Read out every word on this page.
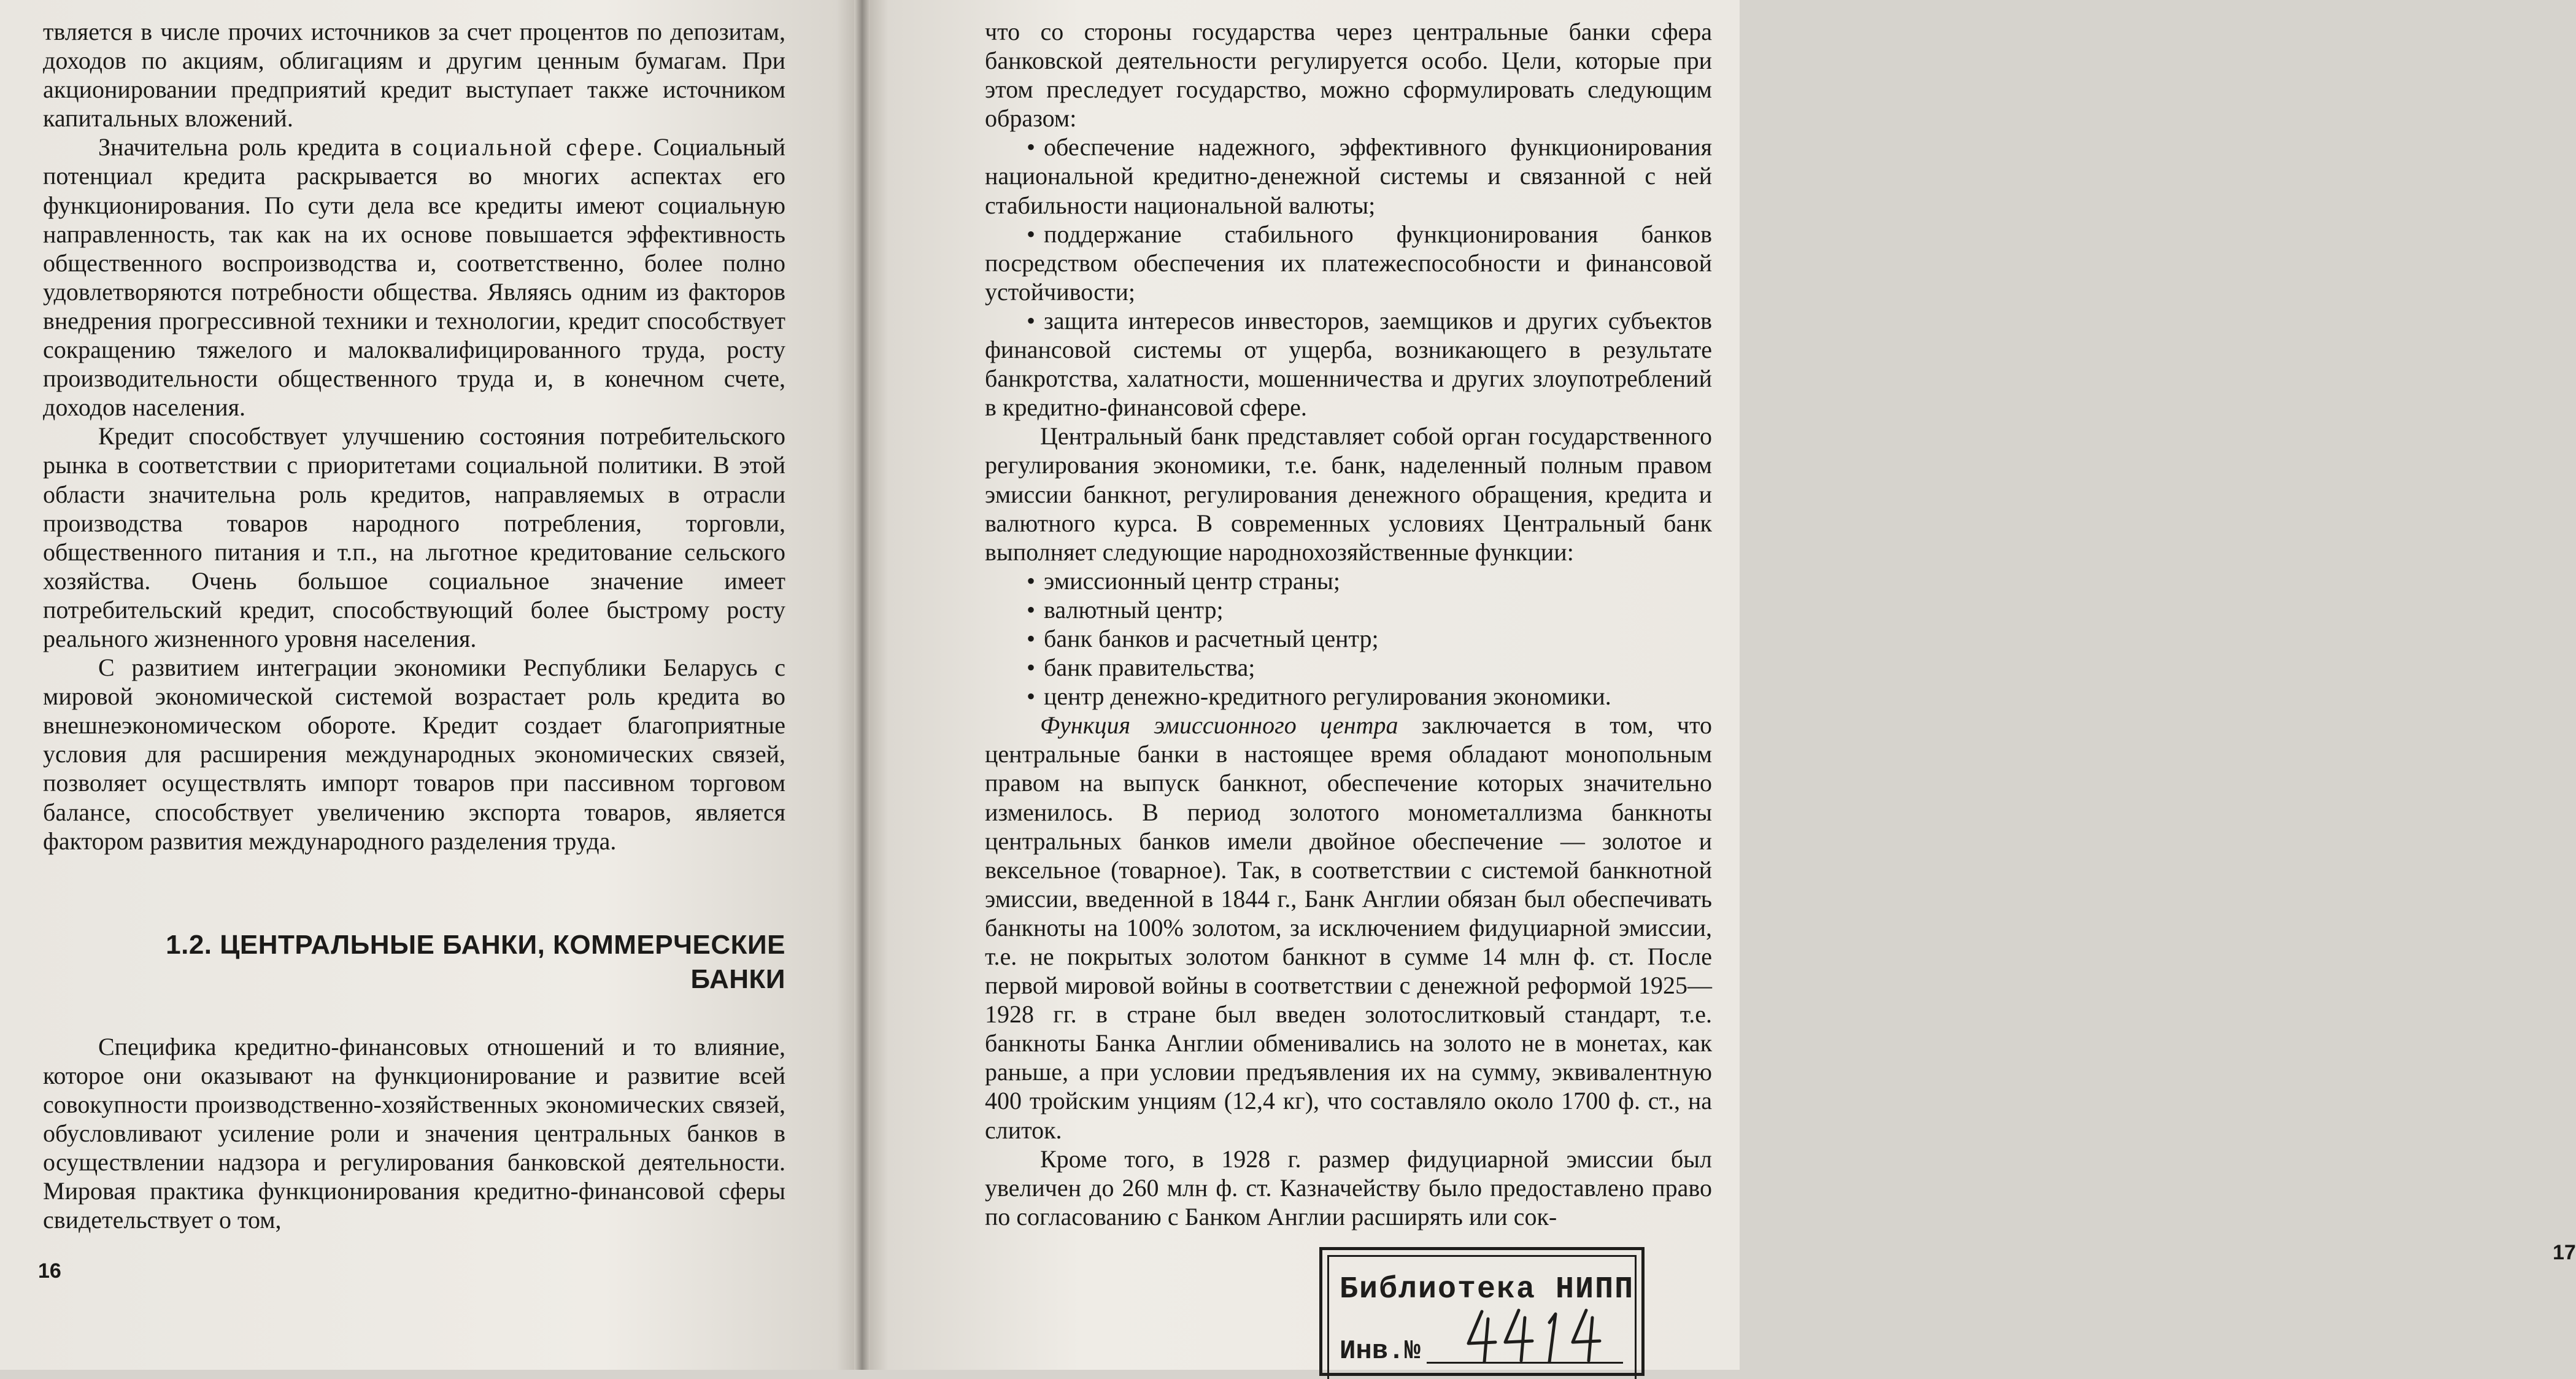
твляется в числе прочих источников за счет процентов по депозитам, доходов по акциям, облигациям и другим ценным бумагам. При акционировании предприятий кредит выступает также источником капитальных вложений.

Значительна роль кредита в социальной сфере. Социальный потенциал кредита раскрывается во многих аспектах его функционирования. По сути дела все кредиты имеют социальную направленность, так как на их основе повышается эффективность общественного воспроизводства и, соответственно, более полно удовлетворяются потребности общества. Являясь одним из факторов внедрения прогрессивной техники и технологии, кредит способствует сокращению тяжелого и малоквалифицированного труда, росту производительности общественного труда и, в конечном счете, доходов населения.

Кредит способствует улучшению состояния потребительского рынка в соответствии с приоритетами социальной политики. В этой области значительна роль кредитов, направляемых в отрасли производства товаров народного потребления, торговли, общественного питания и т.п., на льготное кредитование сельского хозяйства. Очень большое социальное значение имеет потребительский кредит, способствующий более быстрому росту реального жизненного уровня населения.

С развитием интеграции экономики Республики Беларусь с мировой экономической системой возрастает роль кредита во внешнеэкономическом обороте. Кредит создает благоприятные условия для расширения международных экономических связей, позволяет осуществлять импорт товаров при пассивном торговом балансе, способствует увеличению экспорта товаров, является фактором развития международного разделения труда.

1.2. ЦЕНТРАЛЬНЫЕ БАНКИ, КОММЕРЧЕСКИЕ
БАНКИ

Специфика кредитно-финансовых отношений и то влияние, которое они оказывают на функционирование и развитие всей совокупности производственно-хозяйственных экономических связей, обусловливают усиление роли и значения центральных банков в осуществлении надзора и регулирования банковской деятельности. Мировая практика функционирования кредитно-финансовой сферы свидетельствует о том,

16

что со стороны государства через центральные банки сфера банковской деятельности регулируется особо. Цели, которые при этом преследует государство, можно сформулировать следующим образом:

• обеспечение надежного, эффективного функционирования национальной кредитно-денежной системы и связанной с ней стабильности национальной валюты;

• поддержание стабильного функционирования банков посредством обеспечения их платежеспособности и финансовой устойчивости;

• защита интересов инвесторов, заемщиков и других субъектов финансовой системы от ущерба, возникающего в результате банкротства, халатности, мошенничества и других злоупотреблений в кредитно-финансовой сфере.

Центральный банк представляет собой орган государственного регулирования экономики, т.е. банк, наделенный полным правом эмиссии банкнот, регулирования денежного обращения, кредита и валютного курса. В современных условиях Центральный банк выполняет следующие народнохозяйственные функции:

• эмиссионный центр страны;

• валютный центр;

• банк банков и расчетный центр;

• банк правительства;

• центр денежно-кредитного регулирования экономики.

Функция эмиссионного центра заключается в том, что центральные банки в настоящее время обладают монопольным правом на выпуск банкнот, обеспечение которых значительно изменилось. В период золотого монометаллизма банкноты центральных банков имели двойное обеспечение — золотое и вексельное (товарное). Так, в соответствии с системой банкнотной эмиссии, введенной в 1844 г., Банк Англии обязан был обеспечивать банкноты на 100% золотом, за исключением фидуциарной эмиссии, т.е. не покрытых золотом банкнот в сумме 14 млн ф. ст. После первой мировой войны в соответствии с денежной реформой 1925—1928 гг. в стране был введен золотослитковый стандарт, т.е. банкноты Банка Англии обменивались на золото не в монетах, как раньше, а при условии предъявления их на сумму, эквивалентную 400 тройским унциям (12,4 кг), что составляло около 1700 ф. ст., на слиток.

Кроме того, в 1928 г. размер фидуциарной эмиссии был увеличен до 260 млн ф. ст. Казначейству было предоставлено право по согласованию с Банком Англии расширять или сок-

17
Библиотека НИПП
Инв.№
